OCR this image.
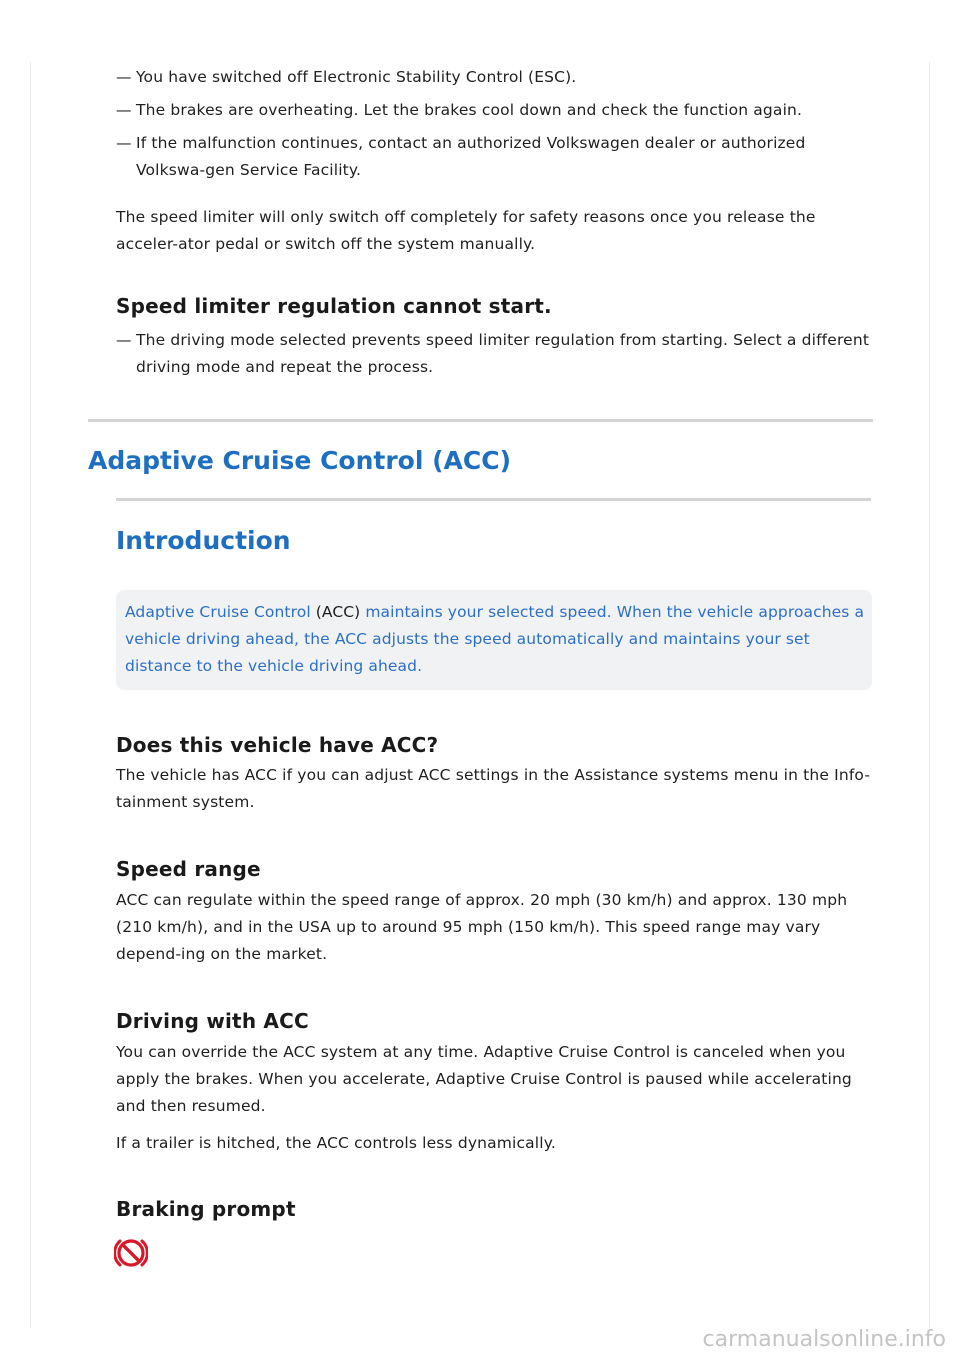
— You have switched off Electronic Stability Control (ESC).
— The brakes are overheating. Let the brakes cool down and check the function again.
— If the malfunction continues, contact an authorized Volkswagen dealer or authorized Volkswa-gen Service Facility.

The speed limiter will only switch off completely for safety reasons once you release the acceler-ator pedal or switch off the system manually.

Speed limiter regulation cannot start.
— The driving mode selected prevents speed limiter regulation from starting. Select a different driving mode and repeat the process.
Adaptive Cruise Control (ACC)
Introduction
Adaptive Cruise Control (ACC) maintains your selected speed. When the vehicle approaches a vehicle driving ahead, the ACC adjusts the speed automatically and maintains your set distance to the vehicle driving ahead.
Does this vehicle have ACC?

The vehicle has ACC if you can adjust ACC settings in the Assistance systems menu in the Info-tainment system.

Speed range

ACC can regulate within the speed range of approx. 20 mph (30 km/h) and approx. 130 mph (210 km/h), and in the USA up to around 95 mph (150 km/h). This speed range may vary depend-ing on the market.

Driving with ACC

You can override the ACC system at any time. Adaptive Cruise Control is canceled when you apply the brakes. When you accelerate, Adaptive Cruise Control is paused while accelerating and then resumed.

If a trailer is hitched, the ACC controls less dynamically.

Braking prompt
carmanualsonline.info
